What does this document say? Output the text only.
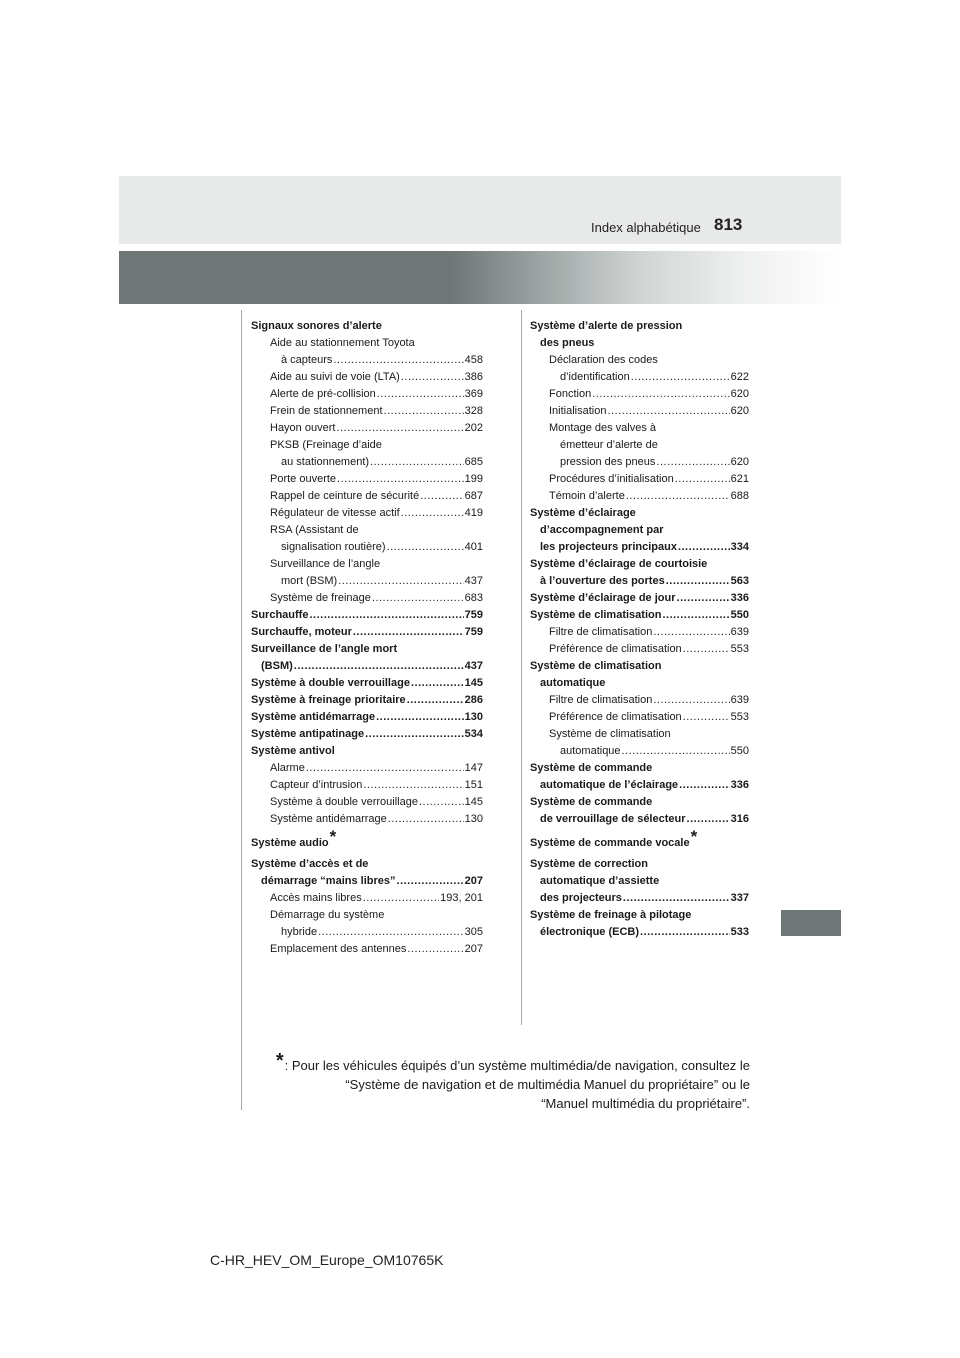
Index alphabétique 813
Signaux sonores d’alerte
Aide au stationnement Toyota
à capteurs .....	458
Aide au suivi de voie (LTA) .....	386
Alerte de pré-collision .....	369
Frein de stationnement .....	328
Hayon ouvert .....	202
PKSB (Freinage d’aide
au stationnement) .....	685
Porte ouverte .....	199
Rappel de ceinture de sécurité .....	687
Régulateur de vitesse actif .....	419
RSA (Assistant de
signalisation routière) .....	401
Surveillance de l’angle
mort (BSM) .....	437
Système de freinage .....	683
Surchauffe .....	759
Surchauffe, moteur .....	759
Surveillance de l’angle mort
(BSM) .....	437
Système à double verrouillage .....	145
Système à freinage prioritaire .....	286
Système antidémarrage .....	130
Système antipatinage .....	534
Système antivol
Alarme .....	147
Capteur d’intrusion .....	151
Système à double verrouillage .....	145
Système antidémarrage .....	130
Système audio *
Système d’accès et de
démarrage “mains libres” .....	207
Accès mains libres .....	193, 201
Démarrage du système
hybride .....	305
Emplacement des antennes .....	207
Système d’alerte de pression
des pneus
Déclaration des codes
d’identification .....	622
Fonction .....	620
Initialisation .....	620
Montage des valves à
émetteur d’alerte de
pression des pneus .....	620
Procédures d’initialisation .....	621
Témoin d’alerte .....	688
Système d’éclairage
d’accompagnement par
les projecteurs principaux .....	334
Système d’éclairage de courtoisie
à l’ouverture des portes .....	563
Système d’éclairage de jour .....	336
Système de climatisation .....	550
Filtre de climatisation .....	639
Préférence de climatisation .....	553
Système de climatisation
automatique
Filtre de climatisation .....	639
Préférence de climatisation .....	553
Système de climatisation
automatique .....	550
Système de commande
automatique de l’éclairage .....	336
Système de commande
de verrouillage de sélecteur .....	316
Système de commande vocale *
Système de correction
automatique d’assiette
des projecteurs .....	337
Système de freinage à pilotage
électronique (ECB) .....	533
*: Pour les véhicules équipés d’un système multimédia/de navigation, consultez le
“Système de navigation et de multimédia Manuel du propriétaire” ou le
“Manuel multimédia du propriétaire”.
C-HR_HEV_OM_Europe_OM10765K
